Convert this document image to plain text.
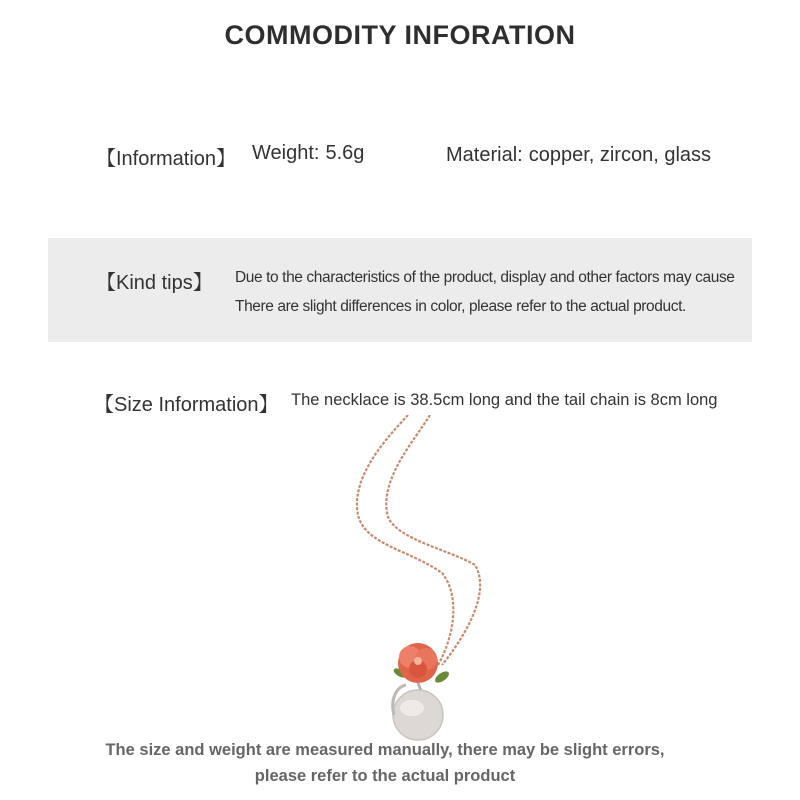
COMMODITY INFORATION
【Information】 Weight: 5.6g	Material: copper, zircon, glass
【Kind tips】 Due to the characteristics of the product, display and other factors may cause
There are slight differences in color, please refer to the actual product.
【Size Information】 The necklace is 38.5cm long and the tail chain is 8cm long
The size and weight are measured manually, there may be slight errors,
please refer to the actual product
